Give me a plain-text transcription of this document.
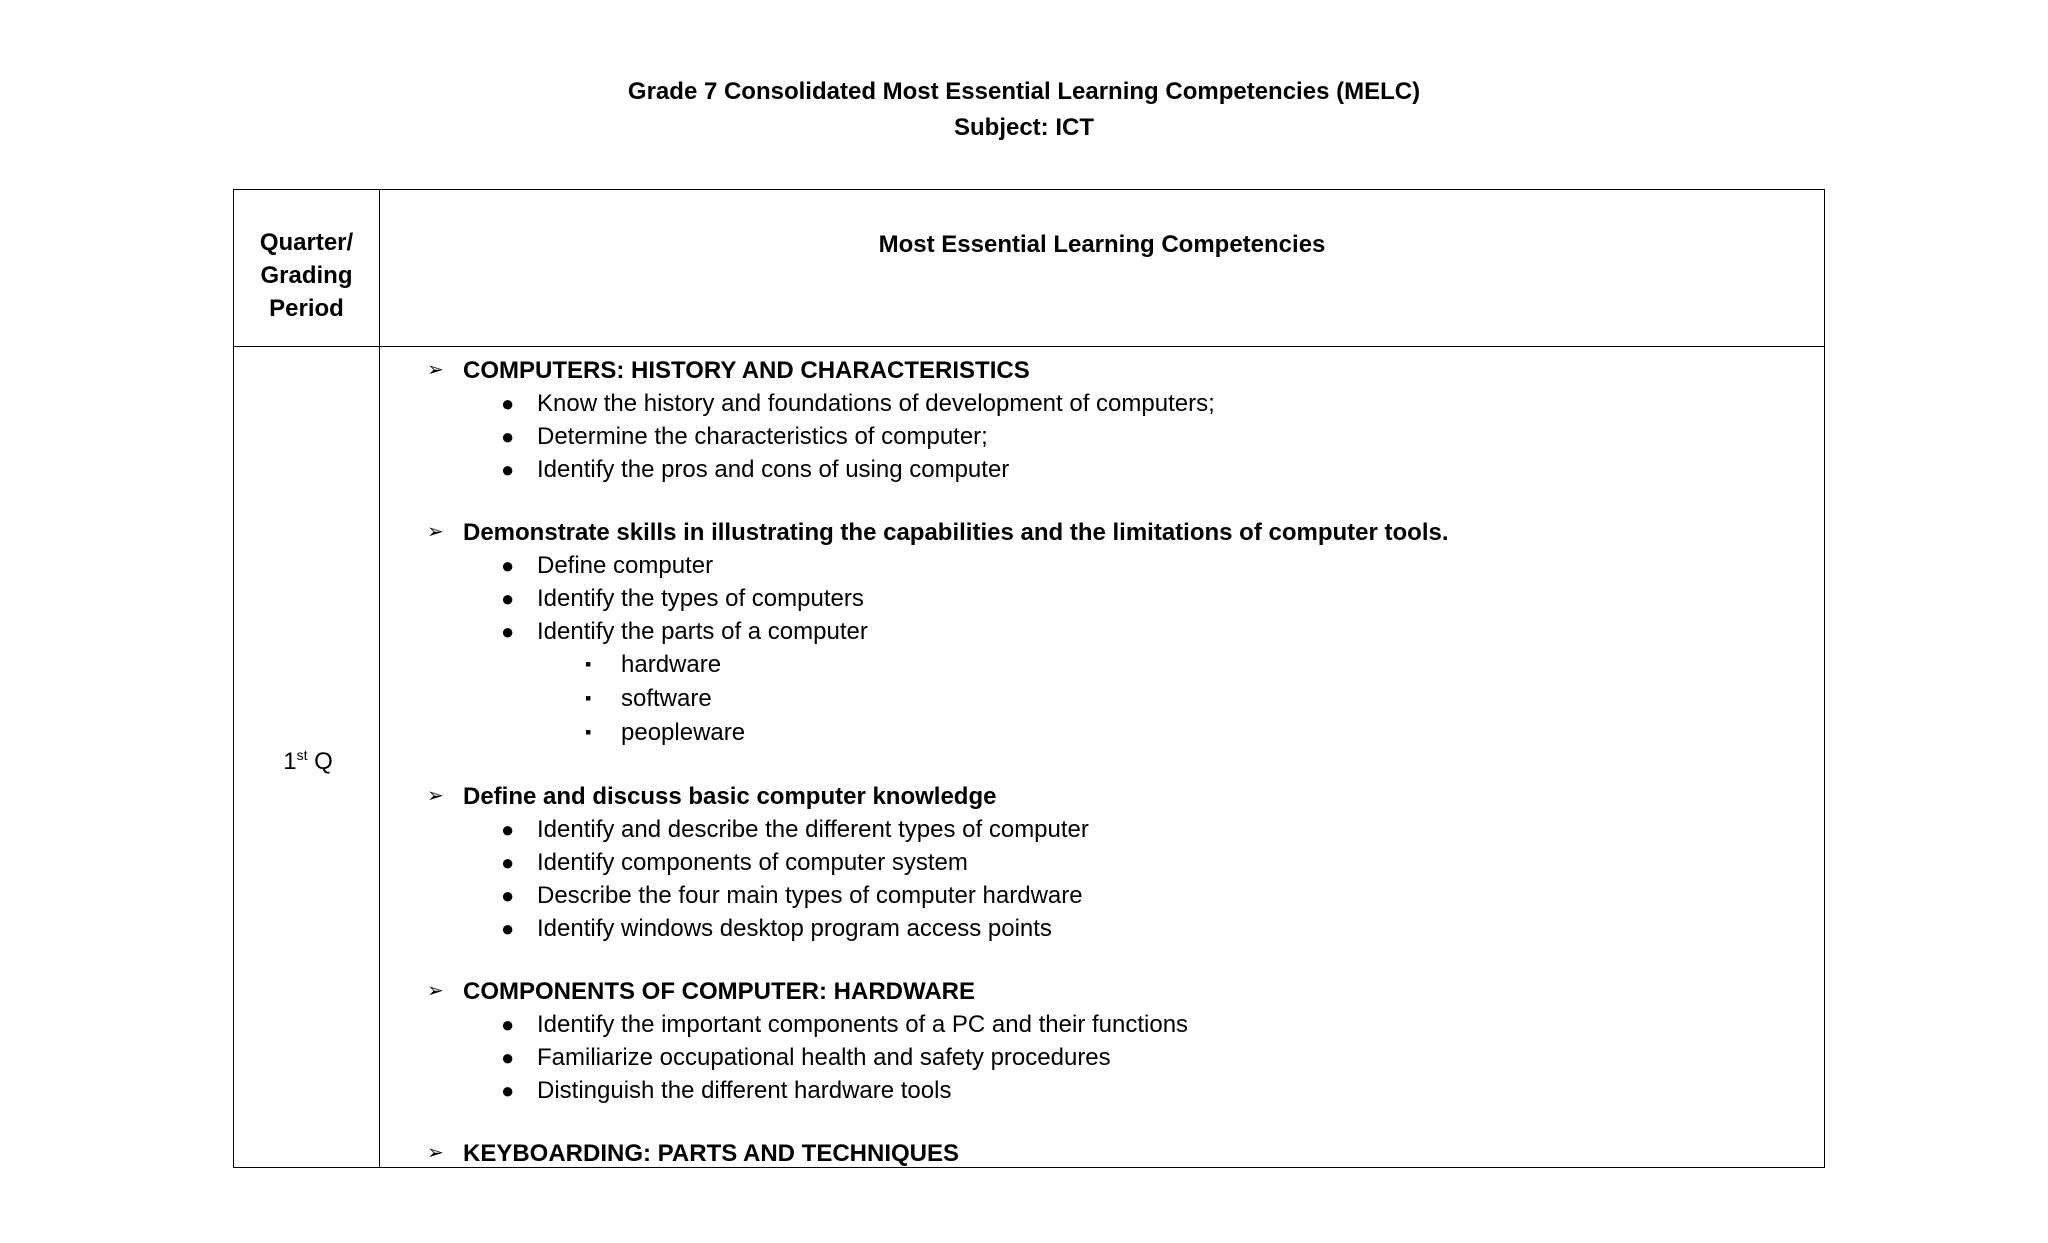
Grade 7 Consolidated Most Essential Learning Competencies (MELC)
Subject: ICT
Quarter/
Grading
Period
Most Essential Learning Competencies
1st Q
➢ COMPUTERS: HISTORY AND CHARACTERISTICS
● Know the history and foundations of development of computers;
● Determine the characteristics of computer;
● Identify the pros and cons of using computer
➢ Demonstrate skills in illustrating the capabilities and the limitations of computer tools.
● Define computer
● Identify the types of computers
● Identify the parts of a computer
▪ hardware
▪ software
▪ peopleware
➢ Define and discuss basic computer knowledge
● Identify and describe the different types of computer
● Identify components of computer system
● Describe the four main types of computer hardware
● Identify windows desktop program access points
➢ COMPONENTS OF COMPUTER: HARDWARE
● Identify the important components of a PC and their functions
● Familiarize occupational health and safety procedures
● Distinguish the different hardware tools
➢ KEYBOARDING: PARTS AND TECHNIQUES
